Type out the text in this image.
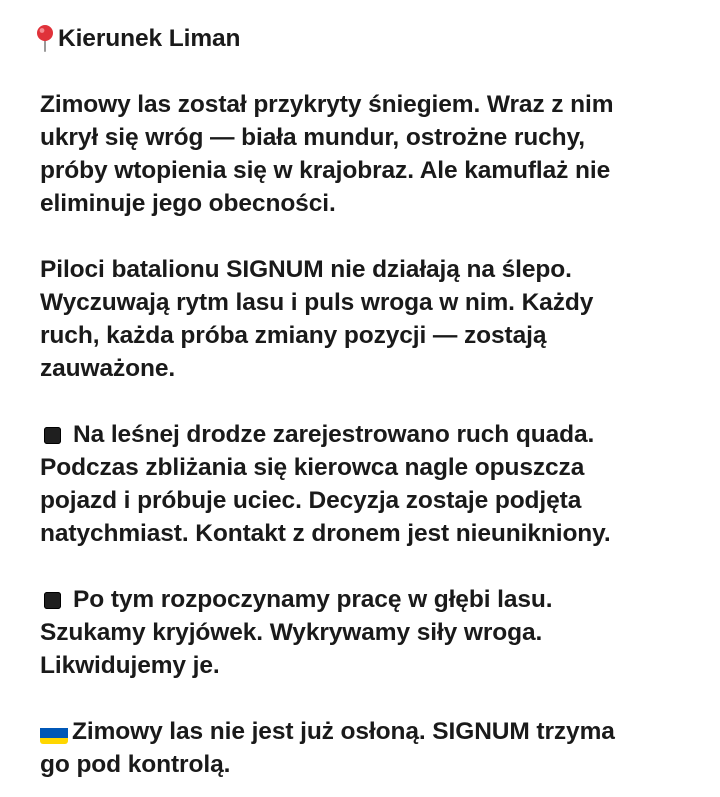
Kierunek Liman
Zimowy las został przykryty śniegiem. Wraz z nim
ukrył się wróg — biała mundur, ostrożne ruchy,
próby wtopienia się w krajobraz. Ale kamuflaż nie
eliminuje jego obecności.
Piloci batalionu SIGNUM nie działają na ślepo.
Wyczuwają rytm lasu i puls wroga w nim. Każdy
ruch, każda próba zmiany pozycji — zostają
zauważone.
Na leśnej drodze zarejestrowano ruch quada.
Podczas zbliżania się kierowca nagle opuszcza
pojazd i próbuje uciec. Decyzja zostaje podjęta
natychmiast. Kontakt z dronem jest nieunikniony.
Po tym rozpoczynamy pracę w głębi lasu.
Szukamy kryjówek. Wykrywamy siły wroga.
Likwidujemy je.
Zimowy las nie jest już osłoną. SIGNUM trzyma
go pod kontrolą.
